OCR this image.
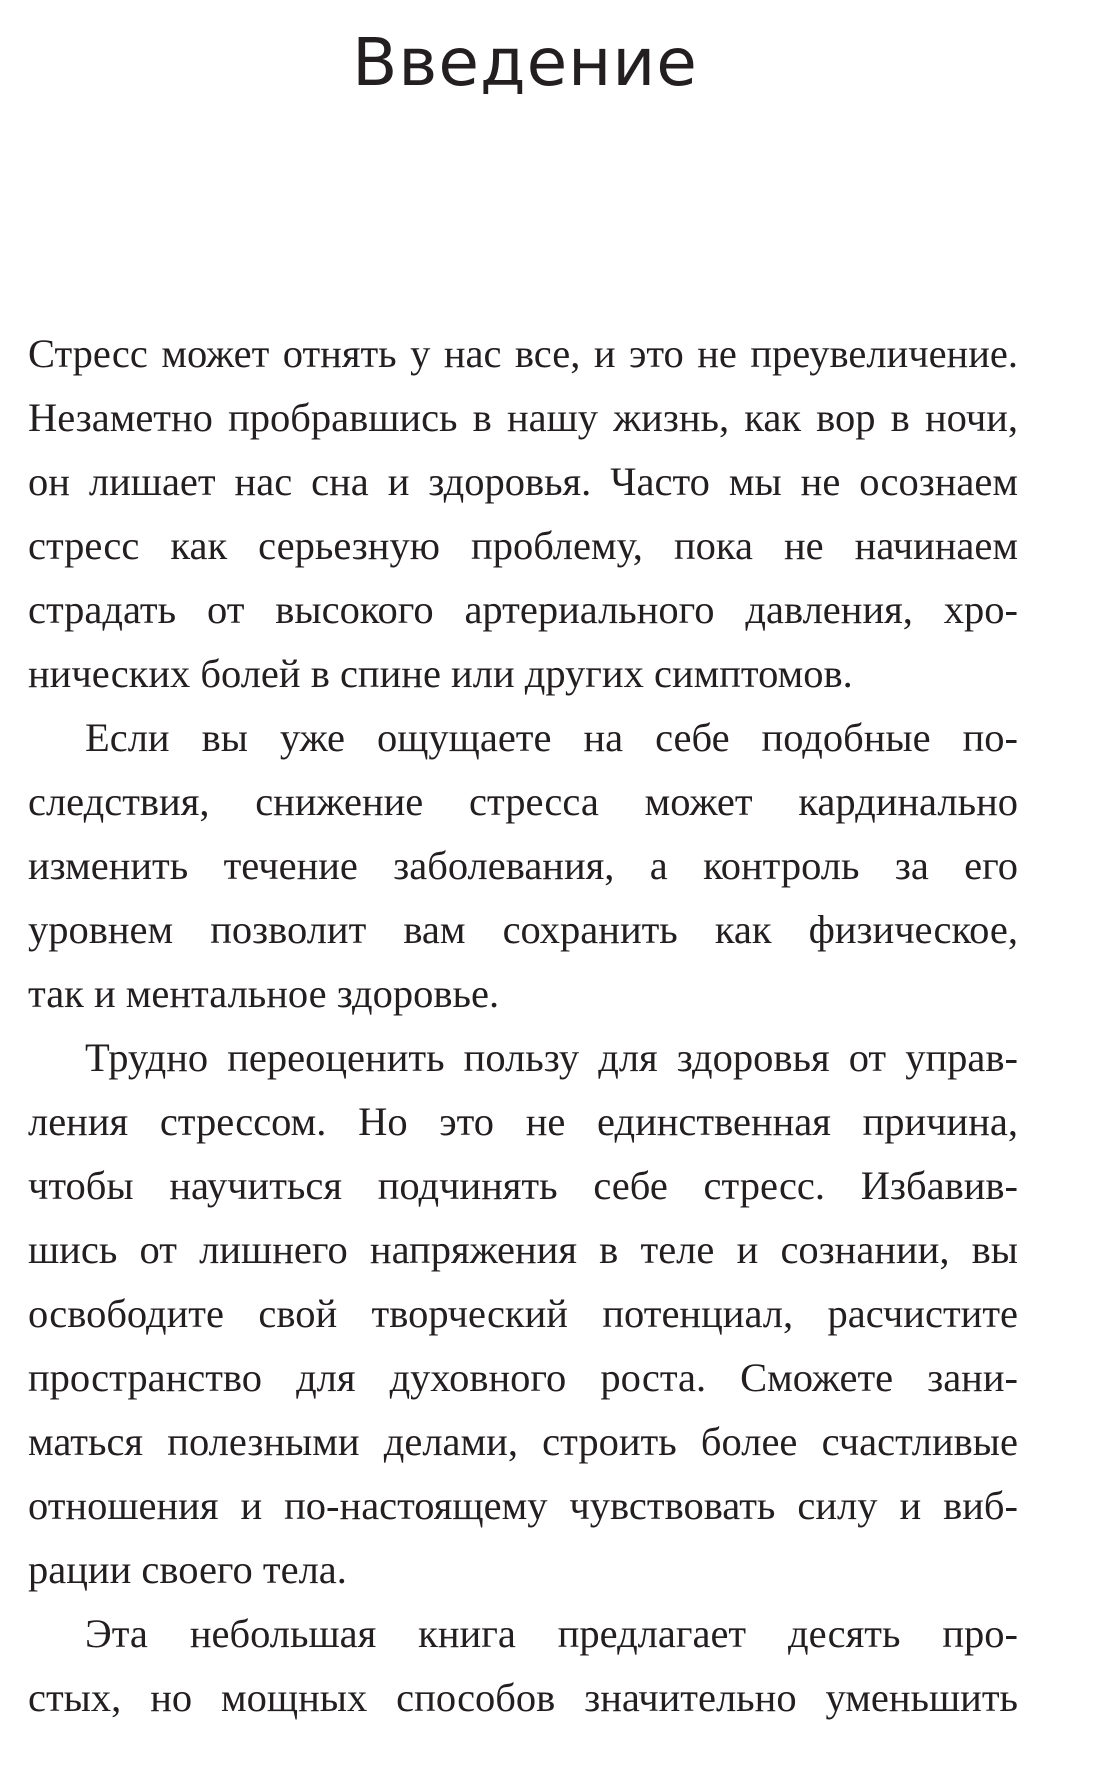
Введение
Стресс может отнять у нас все, и это не преувеличение.
Незаметно пробравшись в нашу жизнь, как вор в ночи,
он лишает нас сна и здоровья. Часто мы не осознаем
стресс как серьезную проблему, пока не начинаем
страдать от высокого артериального давления, хро-
нических болей в спине или других симптомов.
Если вы уже ощущаете на себе подобные по-
следствия, снижение стресса может кардинально
изменить течение заболевания, а контроль за его
уровнем позволит вам сохранить как физическое,
так и ментальное здоровье.
Трудно переоценить пользу для здоровья от управ-
ления стрессом. Но это не единственная причина,
чтобы научиться подчинять себе стресс. Избавив-
шись от лишнего напряжения в теле и сознании, вы
освободите свой творческий потенциал, расчистите
пространство для духовного роста. Сможете зани-
маться полезными делами, строить более счастливые
отношения и по-настоящему чувствовать силу и виб-
рации своего тела.
Эта небольшая книга предлагает десять про-
стых, но мощных способов значительно уменьшить
